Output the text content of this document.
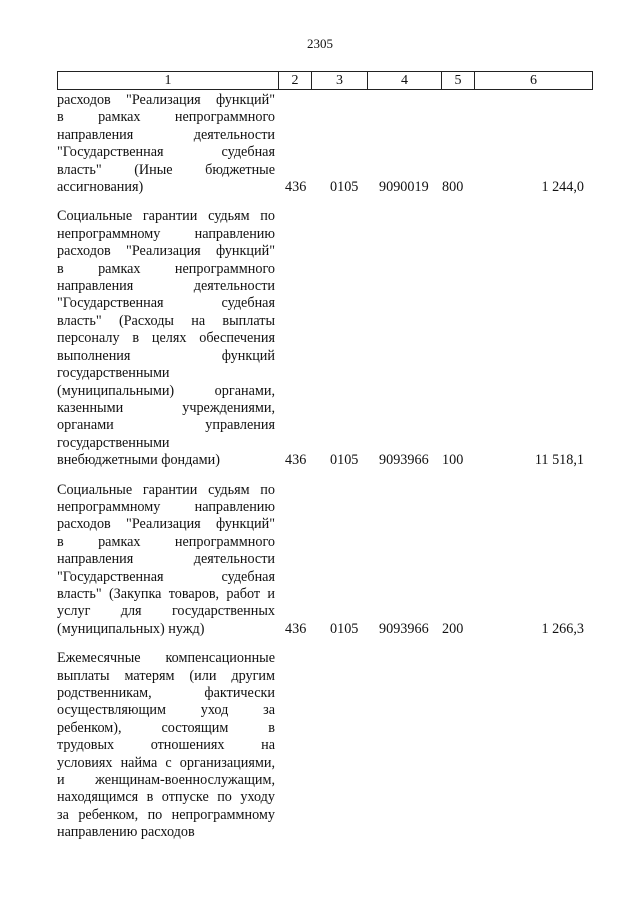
2305
1	2	3	4	5	6
расходов "Реализация функций"
в рамках непрограммного
направления деятельности
"Государственная судебная
власть" (Иные бюджетные
ассигнования)	436 0105 9090019 800	1 244,0
Социальные гарантии судьям по
непрограммному направлению
расходов "Реализация функций"
в рамках непрограммного
направления деятельности
"Государственная судебная
власть" (Расходы на выплаты
персоналу в целях обеспечения
выполнения функций
государственными
(муниципальными) органами,
казенными учреждениями,
органами управления
государственными
внебюджетными фондами)	436 0105 9093966 100	11 518,1
Социальные гарантии судьям по
непрограммному направлению
расходов "Реализация функций"
в рамках непрограммного
направления деятельности
"Государственная судебная
власть" (Закупка товаров, работ и
услуг для государственных
(муниципальных) нужд)	436 0105 9093966 200	1 266,3
Ежемесячные компенсационные
выплаты матерям (или другим
родственникам, фактически
осуществляющим уход за
ребенком), состоящим в
трудовых отношениях на
условиях найма с организациями,
и женщинам-военнослужащим,
находящимся в отпуске по уходу
за ребенком, по непрограммному
направлению расходов
